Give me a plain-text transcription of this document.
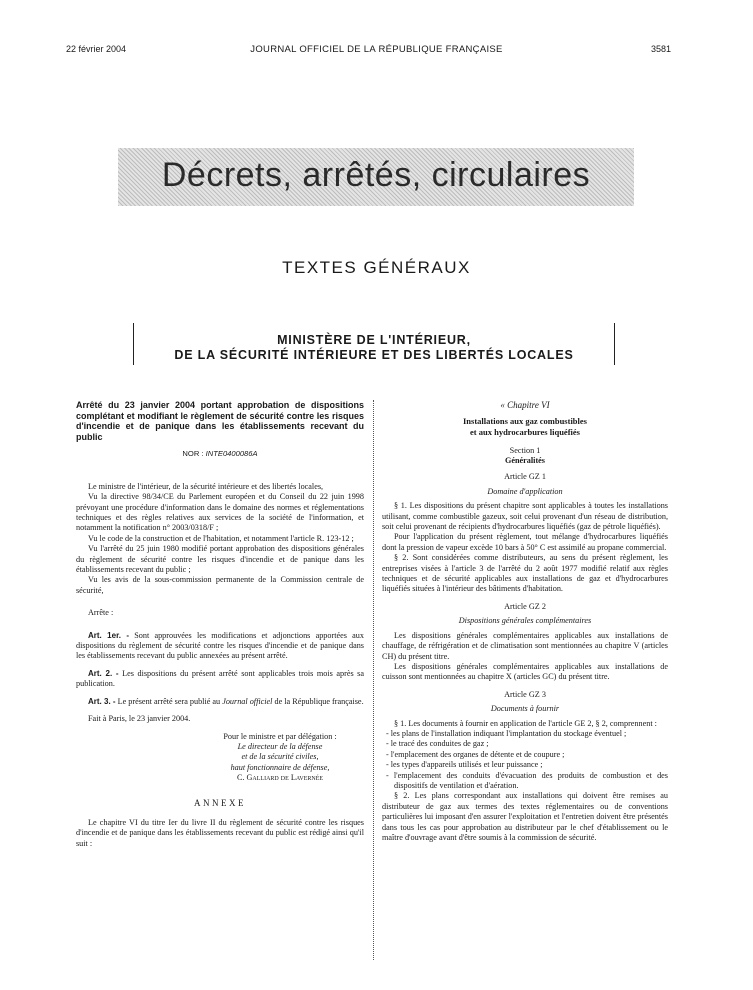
22 février 2004	JOURNAL OFFICIEL DE LA RÉPUBLIQUE FRANÇAISE	3581
Décrets, arrêtés, circulaires
TEXTES GÉNÉRAUX
MINISTÈRE DE L'INTÉRIEUR,
DE LA SÉCURITÉ INTÉRIEURE ET DES LIBERTÉS LOCALES
Arrêté du 23 janvier 2004 portant approbation de dispositions complétant et modifiant le règlement de sécurité contre les risques d'incendie et de panique dans les établissements recevant du public
NOR : INTE0400086A

Le ministre de l'intérieur, de la sécurité intérieure et des libertés locales,

Vu la directive 98/34/CE du Parlement européen et du Conseil du 22 juin 1998 prévoyant une procédure d'information dans le domaine des normes et réglementations techniques et des règles relatives aux services de la société de l'information, et notamment la notification n° 2003/0318/F ;

Vu le code de la construction et de l'habitation, et notamment l'article R. 123-12 ;

Vu l'arrêté du 25 juin 1980 modifié portant approbation des dispositions générales du règlement de sécurité contre les risques d'incendie et de panique dans les établissements recevant du public ;

Vu les avis de la sous-commission permanente de la Commission centrale de sécurité,

Arrête :

Art. 1er. - Sont approuvées les modifications et adjonctions apportées aux dispositions du règlement de sécurité contre les risques d'incendie et de panique dans les établissements recevant du public annexées au présent arrêté.

Art. 2. - Les dispositions du présent arrêté sont applicables trois mois après sa publication.

Art. 3. - Le présent arrêté sera publié au Journal officiel de la République française.

Fait à Paris, le 23 janvier 2004.

Pour le ministre et par délégation :
Le directeur de la défense
et de la sécurité civiles,
haut fonctionnaire de défense,
C. Galliard de Lavernée
ANNEXE

Le chapitre VI du titre Ier du livre II du règlement de sécurité contre les risques d'incendie et de panique dans les établissements recevant du public est rédigé ainsi qu'il suit :

« Chapitre VI
Installations aux gaz combustibles
et aux hydrocarbures liquéfiés
Section 1
Généralités
Article GZ 1
Domaine d'application

§ 1. Les dispositions du présent chapitre sont applicables à toutes les installations utilisant, comme combustible gazeux, soit celui provenant d'un réseau de distribution, soit celui provenant de récipients d'hydrocarbures liquéfiés (gaz de pétrole liquéfiés).

Pour l'application du présent règlement, tout mélange d'hydrocarbures liquéfiés dont la pression de vapeur excède 10 bars à 50° C est assimilé au propane commercial.

§ 2. Sont considérées comme distributeurs, au sens du présent règlement, les entreprises visées à l'article 3 de l'arrêté du 2 août 1977 modifié relatif aux règles techniques et de sécurité applicables aux installations de gaz et d'hydrocarbures liquéfiés situées à l'intérieur des bâtiments d'habitation.

Article GZ 2
Dispositions générales complémentaires

Les dispositions générales complémentaires applicables aux installations de chauffage, de réfrigération et de climatisation sont mentionnées au chapitre V (articles CH) du présent titre.

Les dispositions générales complémentaires applicables aux installations de cuisson sont mentionnées au chapitre X (articles GC) du présent titre.

Article GZ 3
Documents à fournir

§ 1. Les documents à fournir en application de l'article GE 2, § 2, comprennent :

- les plans de l'installation indiquant l'implantation du stockage éventuel ;
- le tracé des conduites de gaz ;
- l'emplacement des organes de détente et de coupure ;
- les types d'appareils utilisés et leur puissance ;
- l'emplacement des conduits d'évacuation des produits de combustion et des dispositifs de ventilation et d'aération.

§ 2. Les plans correspondant aux installations qui doivent être remises au distributeur de gaz aux termes des textes réglementaires ou de conventions particulières lui imposant d'en assurer l'exploitation et l'entretien doivent être présentés dans tous les cas pour approbation au distributeur par le chef d'établissement ou le maître d'ouvrage avant d'être soumis à la commission de sécurité.
